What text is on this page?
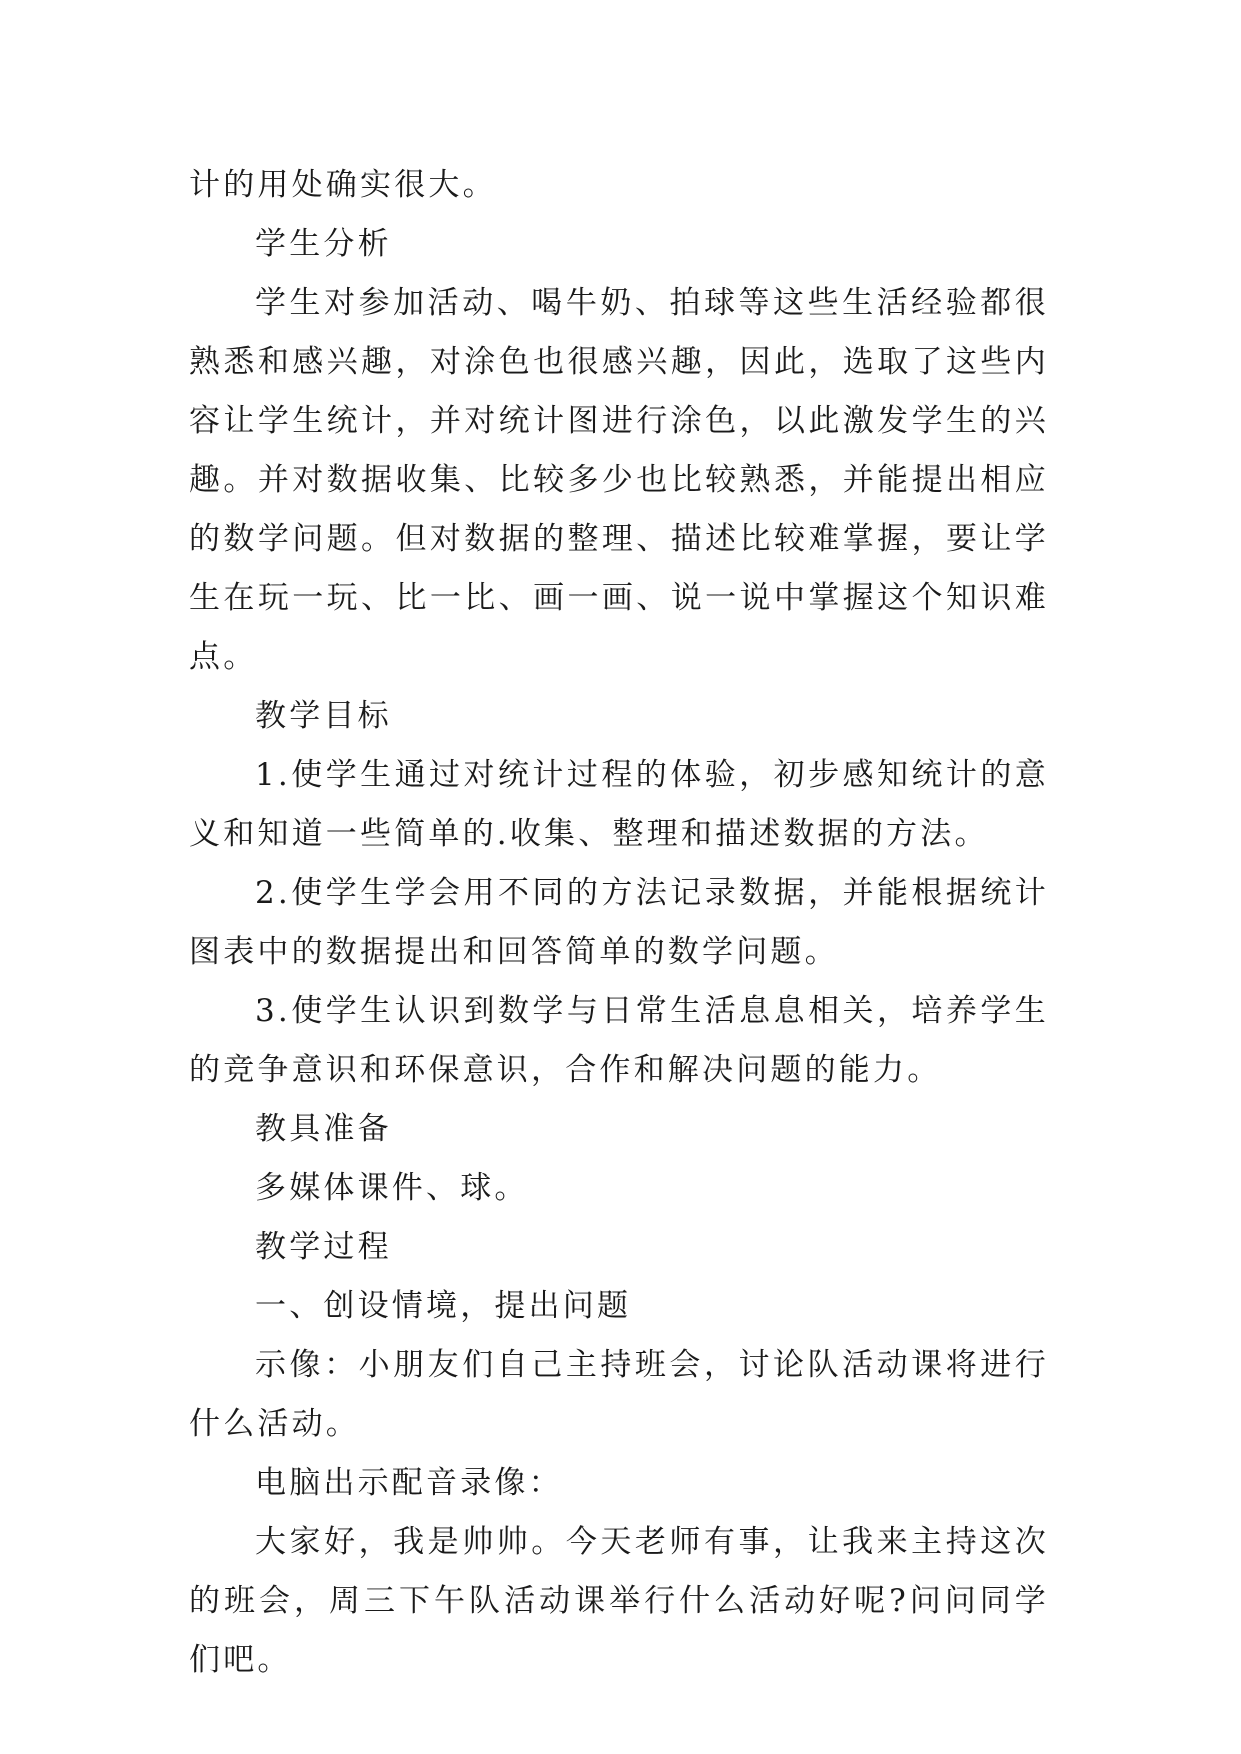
计的用处确实很大。

学生分析

学生对参加活动、喝牛奶、拍球等这些生活经验都很熟悉和感兴趣，对涂色也很感兴趣，因此，选取了这些内容让学生统计，并对统计图进行涂色，以此激发学生的兴趣。并对数据收集、比较多少也比较熟悉，并能提出相应的数学问题。但对数据的整理、描述比较难掌握，要让学生在玩一玩、比一比、画一画、说一说中掌握这个知识难点。

教学目标

1.使学生通过对统计过程的体验，初步感知统计的意义和知道一些简单的.收集、整理和描述数据的方法。

2.使学生学会用不同的方法记录数据，并能根据统计图表中的数据提出和回答简单的数学问题。

3.使学生认识到数学与日常生活息息相关，培养学生的竞争意识和环保意识，合作和解决问题的能力。

教具准备

多媒体课件、球。

教学过程

一、创设情境，提出问题

示像：小朋友们自己主持班会，讨论队活动课将进行什么活动。

电脑出示配音录像：

大家好，我是帅帅。今天老师有事，让我来主持这次的班会，周三下午队活动课举行什么活动好呢?问问同学们吧。
